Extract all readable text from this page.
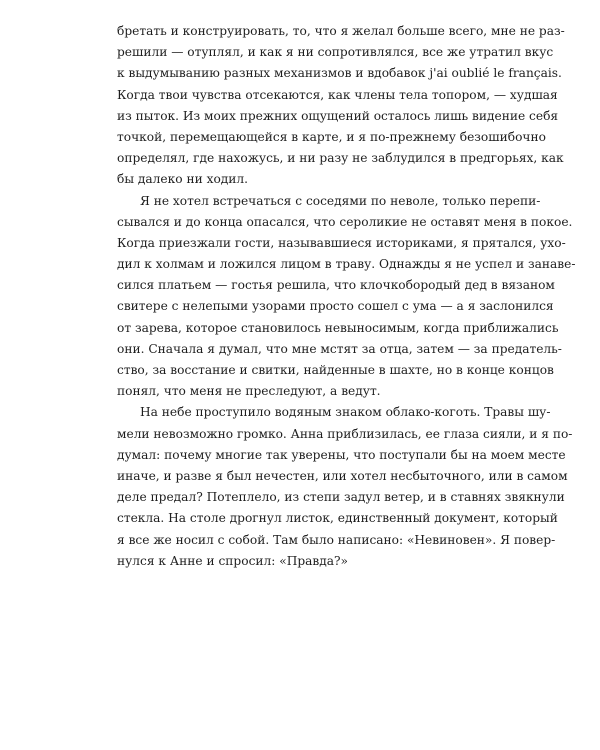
бретать и конструировать, то, что я желал больше всего, мне не раз-
решили — отуплял, и как я ни сопротивлялся, все же утратил вкус
к выдумыванию разных механизмов и вдобавок j'ai oublié le français.
Когда твои чувства отсекаются, как члены тела топором, — худшая
из пыток. Из моих прежних ощущений осталось лишь видение себя
точкой, перемещающейся в карте, и я по-прежнему безошибочно
определял, где нахожусь, и ни разу не заблудился в предгорьях, как
бы далеко ни ходил.
Я не хотел встречаться с соседями по неволе, только перепи-
сывался и до конца опасался, что сероликие не оставят меня в покое.
Когда приезжали гости, называвшиеся историками, я прятался, ухо-
дил к холмам и ложился лицом в траву. Однажды я не успел и занаве-
сился платьем — гостья решила, что клочкобородый дед в вязаном
свитере с нелепыми узорами просто сошел с ума — а я заслонился
от зарева, которое становилось невыносимым, когда приближались
они. Сначала я думал, что мне мстят за отца, затем — за предатель-
ство, за восстание и свитки, найденные в шахте, но в конце концов
понял, что меня не преследуют, а ведут.
На небе проступило водяным знаком облако-коготь. Травы шу-
мели невозможно громко. Анна приблизилась, ее глаза сияли, и я по-
думал: почему многие так уверены, что поступали бы на моем месте
иначе, и разве я был нечестен, или хотел несбыточного, или в самом
деле предал? Потеплело, из степи задул ветер, и в ставнях звякнули
стекла. На столе дрогнул листок, единственный документ, который
я все же носил с собой. Там было написано: «Невиновен». Я повер-
нулся к Анне и спросил: «Правда?»
